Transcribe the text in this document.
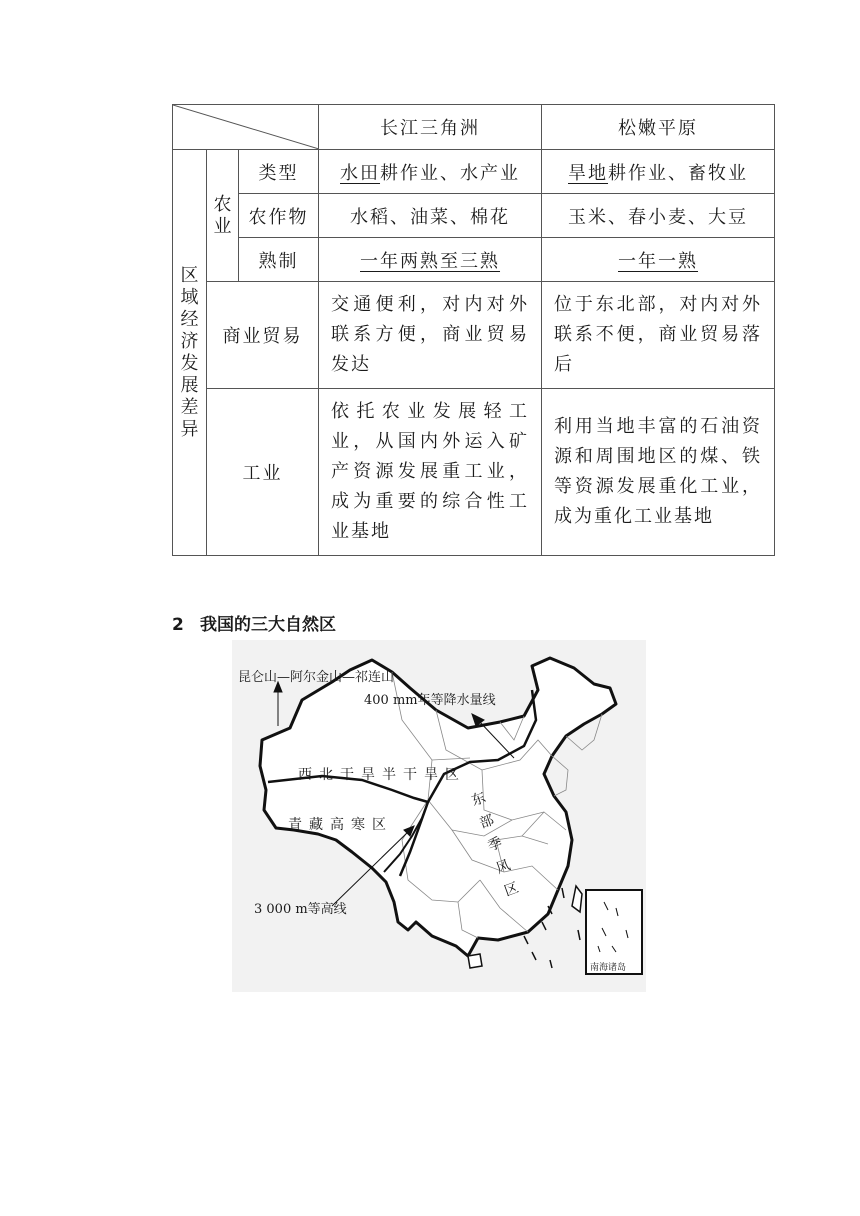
	长江三角洲	松嫩平原
区域经济发展差异	农业	类型	水田耕作业、水产业	旱地耕作业、畜牧业
		农作物	水稻、油菜、棉花	玉米、春小麦、大豆
		熟制	一年两熟至三熟	一年一熟
	商业贸易		交通便利，对内对外联系方便，商业贸易发达	位于东北部，对内对外联系不便，商业贸易落后
	工业		依托农业发展轻工业，从国内外运入矿产资源发展重工业，成为重要的综合性工业基地	利用当地丰富的石油资源和周围地区的煤、铁等资源发展重化工业，成为重化工业基地
2 我国的三大自然区
昆仑山—阿尔金山—祁连山
400 mm年等降水量线
西北干旱半干旱区
青藏高寒区
东部季风区
3 000 m等高线
南海诸岛
